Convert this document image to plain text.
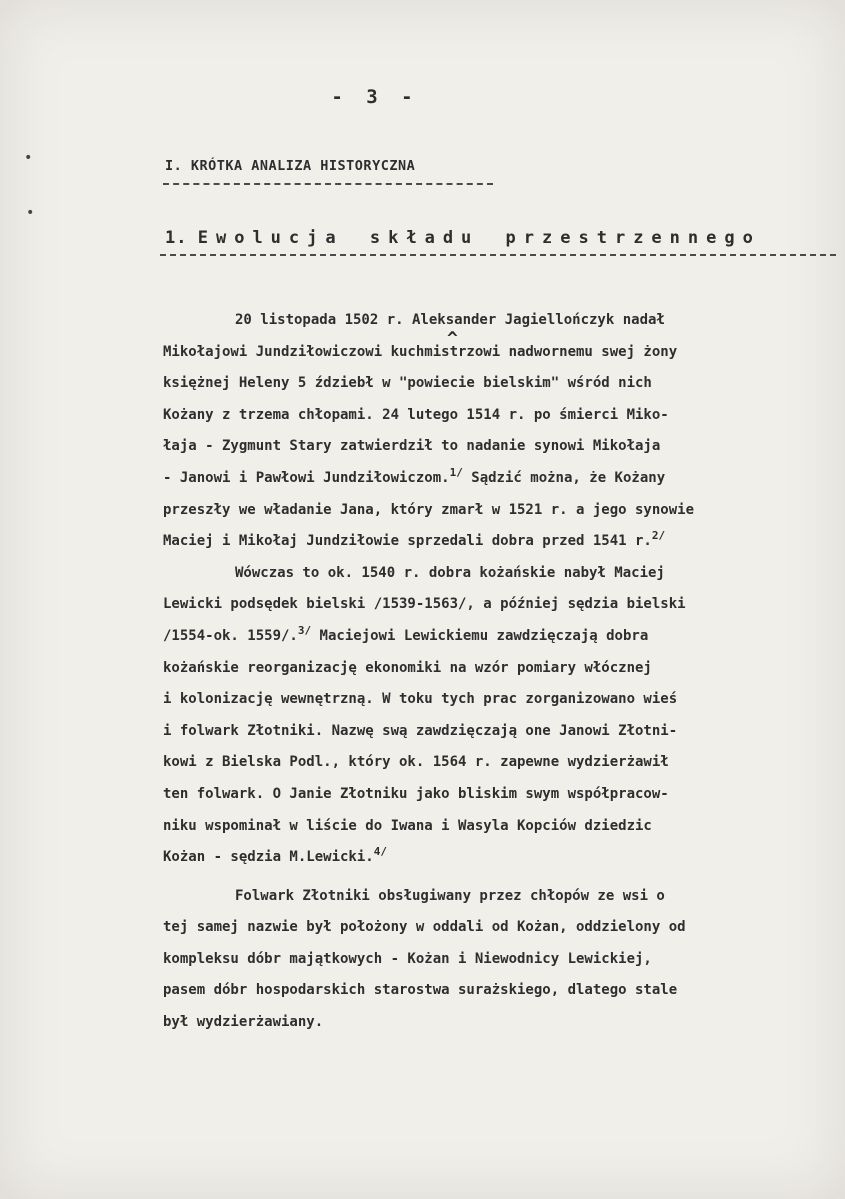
•
•
- 3 -
I. KRÓTKA ANALIZA HISTORYCZNA
1. Ewolucja składu przestrzennego
20 listopada 1502 r. Aleksander Jagiellończyk nadał
Mikołajowi Jundziłowiczowi kuchmistrzowi nadwornemu swej żony
^
księżnej Heleny 5 ździebł w "powiecie bielskim" wśród nich
Kożany z trzema chłopami. 24 lutego 1514 r. po śmierci Miko-
łaja - Zygmunt Stary zatwierdził to nadanie synowi Mikołaja
- Janowi i Pawłowi Jundziłowiczom.$^{1/}$ Sądzić można, że Kożany
przeszły we władanie Jana, który zmarł w 1521 r. a jego synowie
Maciej i Mikołaj Jundziłowie sprzedali dobra przed 1541 r.$^{2/}$
Wówczas to ok. 1540 r. dobra kożańskie nabył Maciej
Lewicki podsędek bielski /1539-1563/, a później sędzia bielski
/1554-ok. 1559/.$^{3/}$ Maciejowi Lewickiemu zawdzięczają dobra
kożańskie reorganizację ekonomiki na wzór pomiary włócznej
i kolonizację wewnętrzną. W toku tych prac zorganizowano wieś
i folwark Złotniki. Nazwę swą zawdzięczają one Janowi Złotni-
kowi z Bielska Podl., który ok. 1564 r. zapewne wydzierżawił
ten folwark. O Janie Złotniku jako bliskim swym współpracow-
niku wspominał w liście do Iwana i Wasyla Kopciów dziedzic
Kożan - sędzia M.Lewicki.$^{4/}$
Folwark Złotniki obsługiwany przez chłopów ze wsi o
tej samej nazwie był położony w oddali od Kożan, oddzielony od
kompleksu dóbr majątkowych - Kożan i Niewodnicy Lewickiej,
pasem dóbr hospodarskich starostwa surażskiego, dlatego stale
był wydzierżawiany.
